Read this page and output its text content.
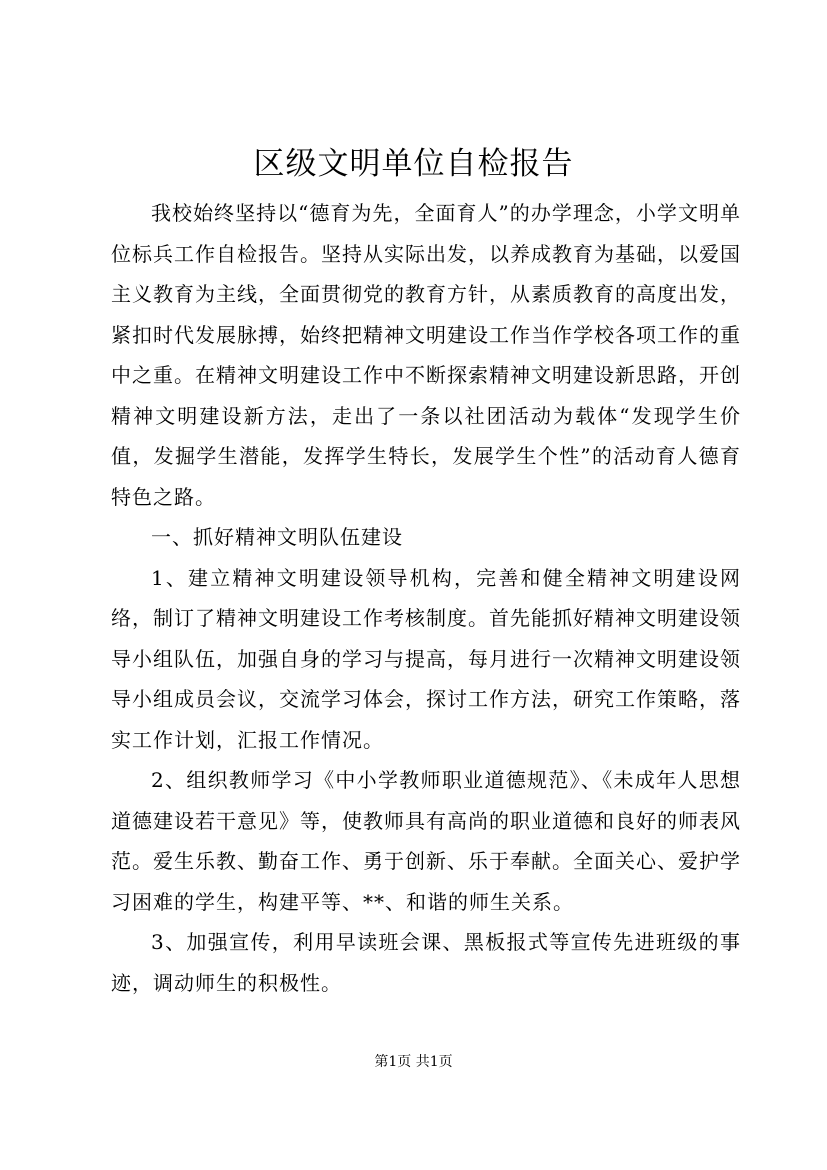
区级文明单位自检报告

我校始终坚持以“德育为先，全面育人”的办学理念，小学文明单位标兵工作自检报告。坚持从实际出发，以养成教育为基础，以爱国主义教育为主线，全面贯彻党的教育方针，从素质教育的高度出发，紧扣时代发展脉搏，始终把精神文明建设工作当作学校各项工作的重中之重。在精神文明建设工作中不断探索精神文明建设新思路，开创精神文明建设新方法，走出了一条以社团活动为载体“发现学生价值，发掘学生潜能，发挥学生特长，发展学生个性”的活动育人德育特色之路。

一、抓好精神文明队伍建设

1、建立精神文明建设领导机构，完善和健全精神文明建设网络，制订了精神文明建设工作考核制度。首先能抓好精神文明建设领导小组队伍，加强自身的学习与提高，每月进行一次精神文明建设领导小组成员会议，交流学习体会，探讨工作方法，研究工作策略，落实工作计划，汇报工作情况。

2、组织教师学习《中小学教师职业道德规范》、《未成年人思想道德建设若干意见》等，使教师具有高尚的职业道德和良好的师表风范。爱生乐教、勤奋工作、勇于创新、乐于奉献。全面关心、爱护学习困难的学生，构建平等、**、和谐的师生关系。

3、加强宣传，利用早读班会课、黑板报式等宣传先进班级的事迹，调动师生的积极性。

第1页 共1页
